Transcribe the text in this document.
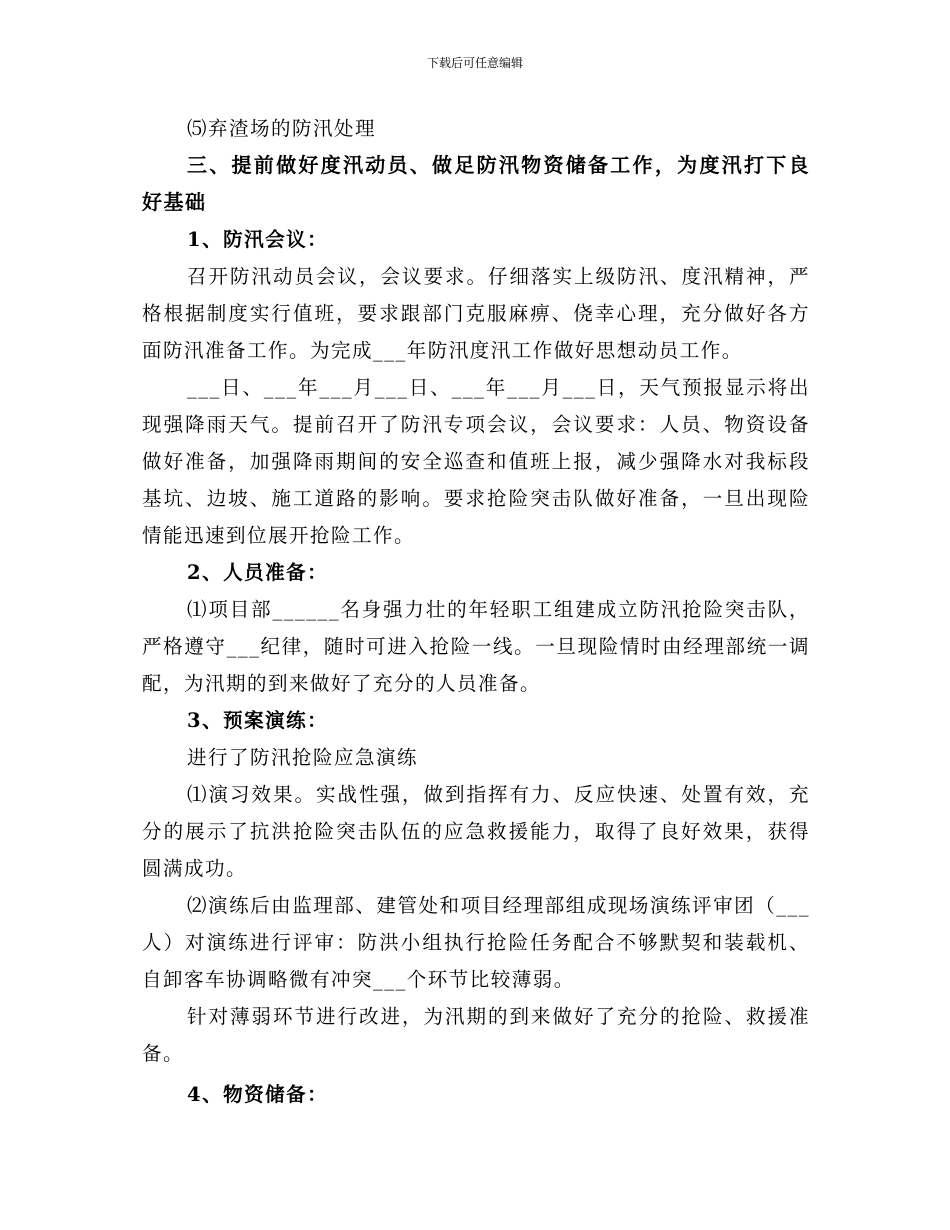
下载后可任意编辑

⑸弃渣场的防汛处理

三、提前做好度汛动员、做足防汛物资储备工作，为度汛打下良好基础

1、防汛会议：

召开防汛动员会议，会议要求。仔细落实上级防汛、度汛精神，严格根据制度实行值班，要求跟部门克服麻痹、侥幸心理，充分做好各方面防汛准备工作。为完成___年防汛度汛工作做好思想动员工作。

___日、___年___月___日、___年___月___日，天气预报显示将出现强降雨天气。提前召开了防汛专项会议，会议要求：人员、物资设备做好准备，加强降雨期间的安全巡查和值班上报，减少强降水对我标段基坑、边坡、施工道路的影响。要求抢险突击队做好准备，一旦出现险情能迅速到位展开抢险工作。

2、人员准备：

⑴项目部______名身强力壮的年轻职工组建成立防汛抢险突击队，严格遵守___纪律，随时可进入抢险一线。一旦现险情时由经理部统一调配，为汛期的到来做好了充分的人员准备。

3、预案演练：

进行了防汛抢险应急演练

⑴演习效果。实战性强，做到指挥有力、反应快速、处置有效，充分的展示了抗洪抢险突击队伍的应急救援能力，取得了良好效果，获得圆满成功。

⑵演练后由监理部、建管处和项目经理部组成现场演练评审团（___人）对演练进行评审：防洪小组执行抢险任务配合不够默契和装载机、自卸客车协调略微有冲突___个环节比较薄弱。

针对薄弱环节进行改进，为汛期的到来做好了充分的抢险、救援准备。

4、物资储备：
